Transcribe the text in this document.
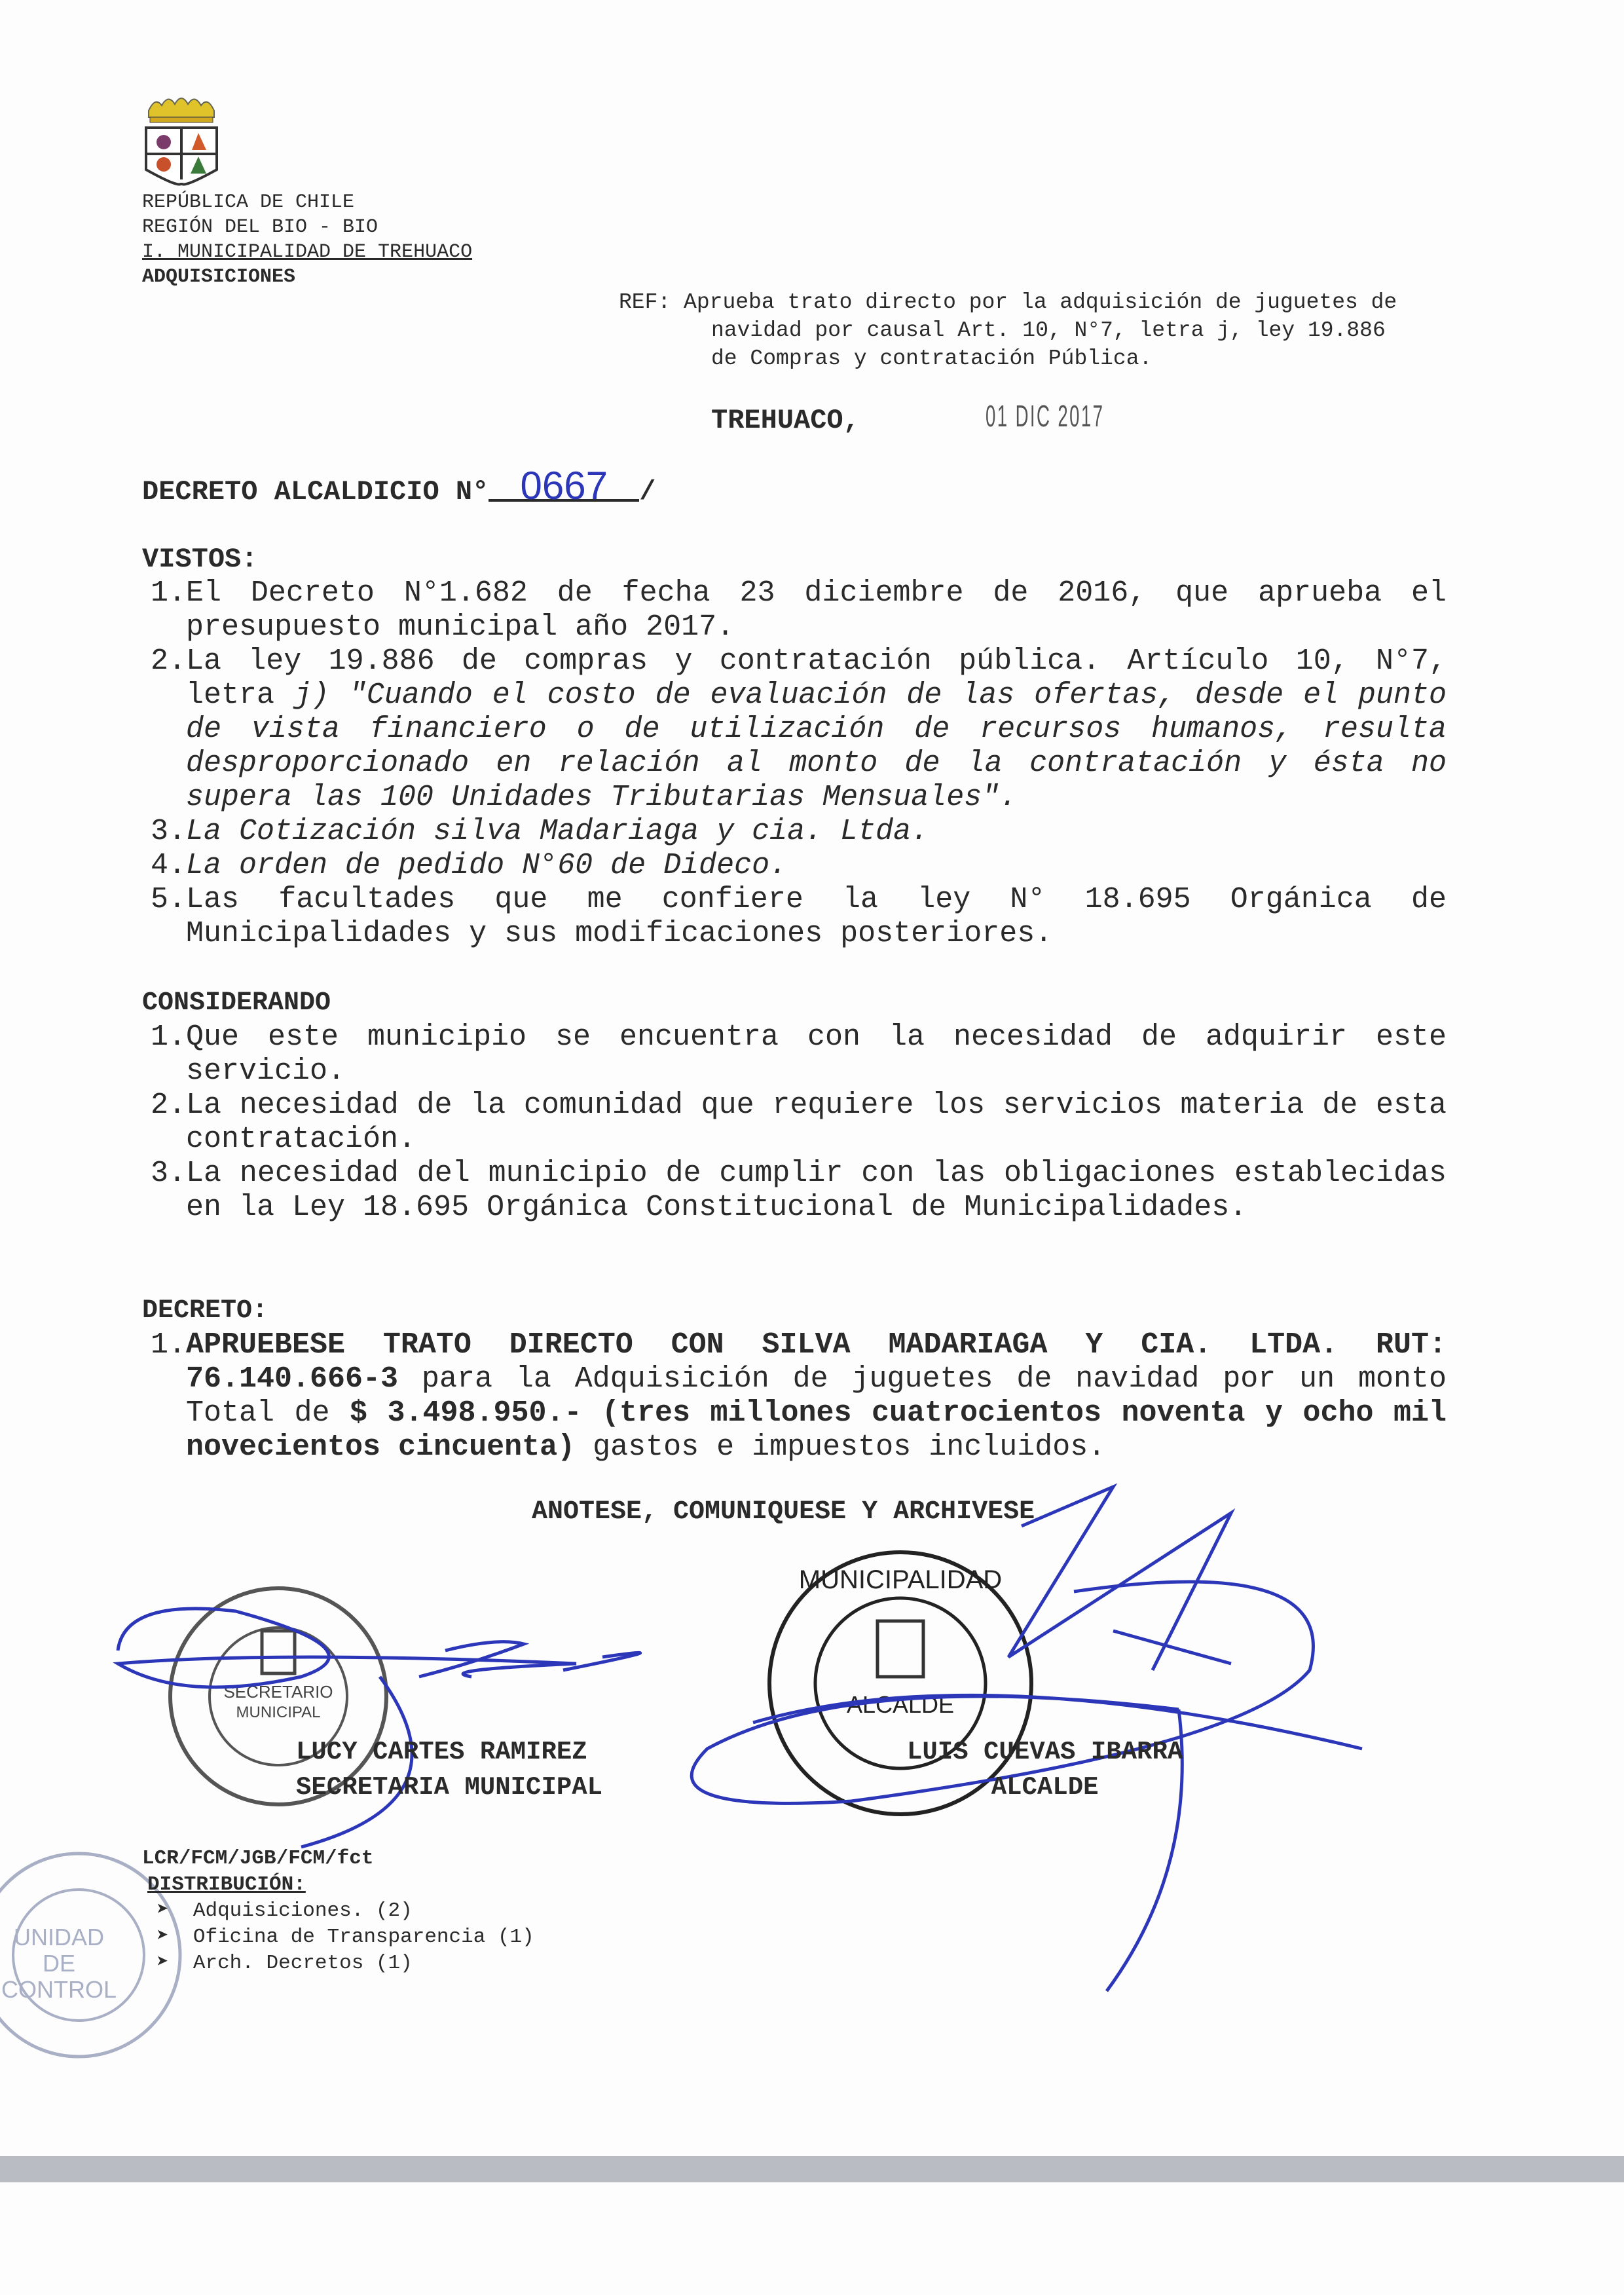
REPÚBLICA DE CHILE
REGIÓN DEL BIO - BIO
I. MUNICIPALIDAD DE TREHUACO
ADQUISICIONES
REF: Aprueba trato directo por la adquisición de juguetes de
navidad por causal Art. 10, N°7, letra j, ley 19.886
de Compras y contratación Pública.
TREHUACO,	01 DIC 2017
DECRETO ALCALDICIO N° 0667 /
VISTOS:
1. El Decreto N°1.682 de fecha 23 diciembre de 2016, que aprueba el presupuesto municipal año 2017.
2. La ley 19.886 de compras y contratación pública. Artículo 10, N°7, letra j) "Cuando el costo de evaluación de las ofertas, desde el punto de vista financiero o de utilización de recursos humanos, resulta desproporcionado en relación al monto de la contratación y ésta no supera las 100 Unidades Tributarias Mensuales".
3. La Cotización silva Madariaga y cia. Ltda.
4. La orden de pedido N°60 de Dideco.
5. Las facultades que me confiere la ley N° 18.695 Orgánica de Municipalidades y sus modificaciones posteriores.
CONSIDERANDO
1. Que este municipio se encuentra con la necesidad de adquirir este servicio.
2. La necesidad de la comunidad que requiere los servicios materia de esta contratación.
3. La necesidad del municipio de cumplir con las obligaciones establecidas en la Ley 18.695 Orgánica Constitucional de Municipalidades.
DECRETO:
1. APRUEBESE TRATO DIRECTO CON SILVA MADARIAGA Y CIA. LTDA. RUT: 76.140.666-3 para la Adquisición de juguetes de navidad por un monto Total de $ 3.498.950.- (tres millones cuatrocientos noventa y ocho mil novecientos cincuenta) gastos e impuestos incluidos.
ANOTESE, COMUNIQUESE Y ARCHIVESE
SECRETARIO
MUNICIPAL	ALCALDE
MUNICIPALIDAD
UNIDAD
DE
CONTROL
LUCY CARTES RAMIREZ
SECRETARIA MUNICIPAL
LUIS CUEVAS IBARRA
ALCALDE
LCR/FCM/JGB/FCM/fct
DISTRIBUCIÓN:
➤  Adquisiciones. (2)
➤  Oficina de Transparencia (1)
➤  Arch. Decretos (1)
